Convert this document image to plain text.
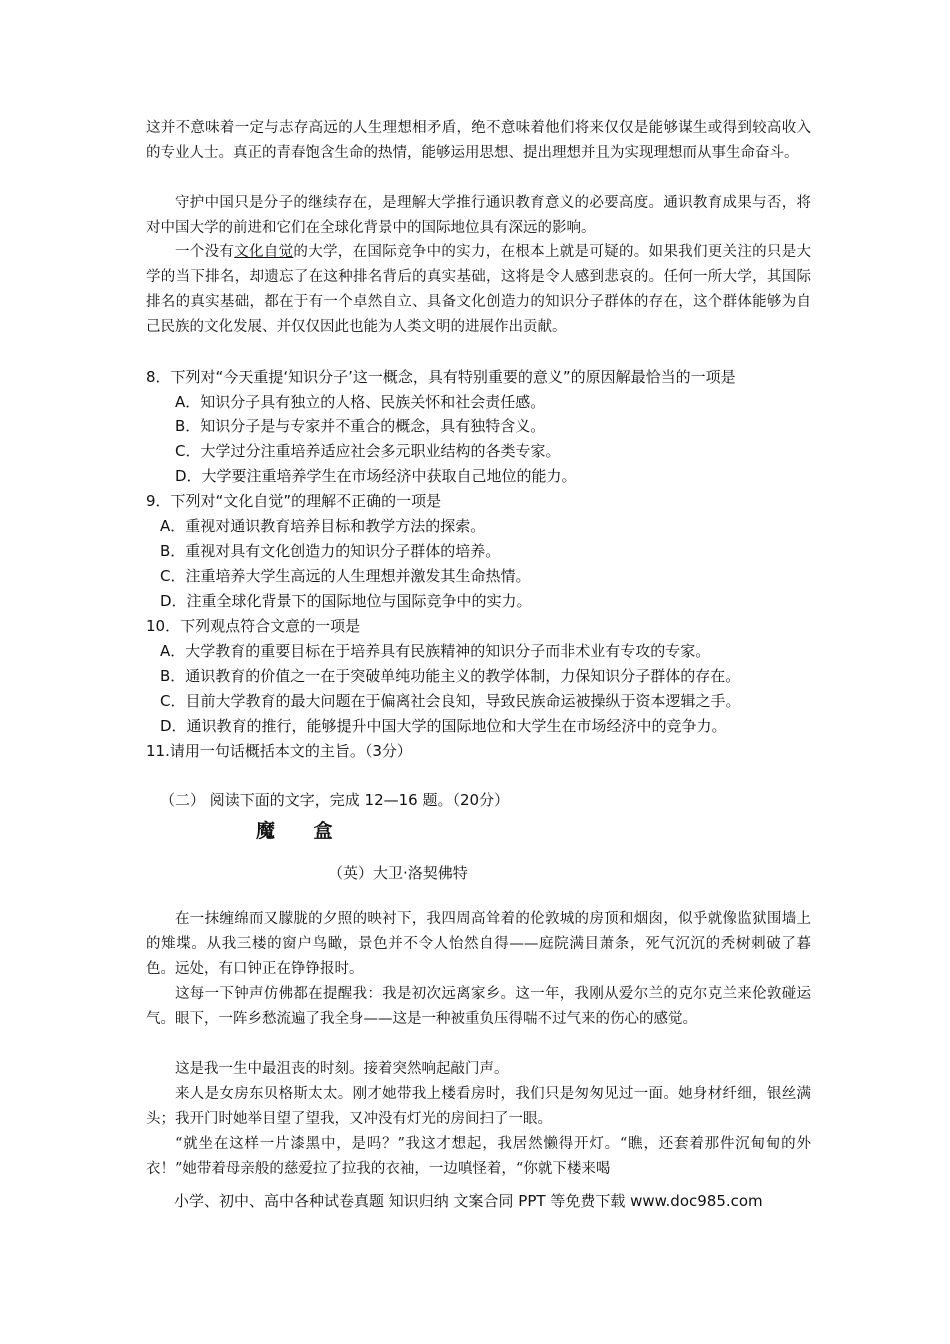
这并不意味着一定与志存高远的人生理想相矛盾，绝不意味着他们将来仅仅是能够谋生或得到较高收入的专业人士。真正的青春饱含生命的热情，能够运用思想、提出理想并且为实现理想而从事生命奋斗。
守护中国只是分子的继续存在，是理解大学推行通识教育意义的必要高度。通识教育成果与否，将对中国大学的前进和它们在全球化背景中的国际地位具有深远的影响。
一个没有文化自觉的大学，在国际竞争中的实力，在根本上就是可疑的。如果我们更关注的只是大学的当下排名，却遗忘了在这种排名背后的真实基础，这将是令人感到悲哀的。任何一所大学，其国际排名的真实基础，都在于有一个卓然自立、具备文化创造力的知识分子群体的存在，这个群体能够为自己民族的文化发展、并仅仅因此也能为人类文明的进展作出贡献。
8．下列对“今天重提‘知识分子’这一概念，具有特别重要的意义”的原因解最恰当的一项是
A．知识分子具有独立的人格、民族关怀和社会责任感。
B．知识分子是与专家并不重合的概念，具有独特含义。
C．大学过分注重培养适应社会多元职业结构的各类专家。
D．大学要注重培养学生在市场经济中获取自己地位的能力。
9．下列对“文化自觉”的理解不正确的一项是
A．重视对通识教育培养目标和教学方法的探索。
B．重视对具有文化创造力的知识分子群体的培养。
C．注重培养大学生高远的人生理想并激发其生命热情。
D．注重全球化背景下的国际地位与国际竞争中的实力。
10．下列观点符合文意的一项是
A．大学教育的重要目标在于培养具有民族精神的知识分子而非术业有专攻的专家。
B．通识教育的价值之一在于突破单纯功能主义的教学体制，力保知识分子群体的存在。
C．目前大学教育的最大问题在于偏离社会良知，导致民族命运被操纵于资本逻辑之手。
D．通识教育的推行，能够提升中国大学的国际地位和大学生在市场经济中的竞争力。
11.请用一句话概括本文的主旨。（3分）
（二） 阅读下面的文字，完成 12—16 题。（20分）
魔 盒
（英）大卫·洛契佛特
在一抹缠绵而又朦胧的夕照的映衬下，我四周高耸着的伦敦城的房顶和烟囱，似乎就像监狱围墙上的雉堞。从我三楼的窗户鸟瞰，景色并不令人怡然自得——庭院满目萧条，死气沉沉的秃树刺破了暮色。远处，有口钟正在铮铮报时。
这每一下钟声仿佛都在提醒我：我是初次远离家乡。这一年，我刚从爱尔兰的克尔克兰来伦敦碰运气。眼下，一阵乡愁流遍了我全身——这是一种被重负压得喘不过气来的伤心的感觉。
这是我一生中最沮丧的时刻。接着突然响起敲门声。
来人是女房东贝格斯太太。刚才她带我上楼看房时，我们只是匆匆见过一面。她身材纤细，银丝满头；我开门时她举目望了望我，又冲没有灯光的房间扫了一眼。
“就坐在这样一片漆黑中，是吗？”我这才想起，我居然懒得开灯。“瞧，还套着那件沉甸甸的外衣！”她带着母亲般的慈爱拉了拉我的衣袖，一边嗔怪着，“你就下楼来喝
小学、初中、高中各种试卷真题 知识归纳 文案合同 PPT 等免费下载 www.doc985.com
